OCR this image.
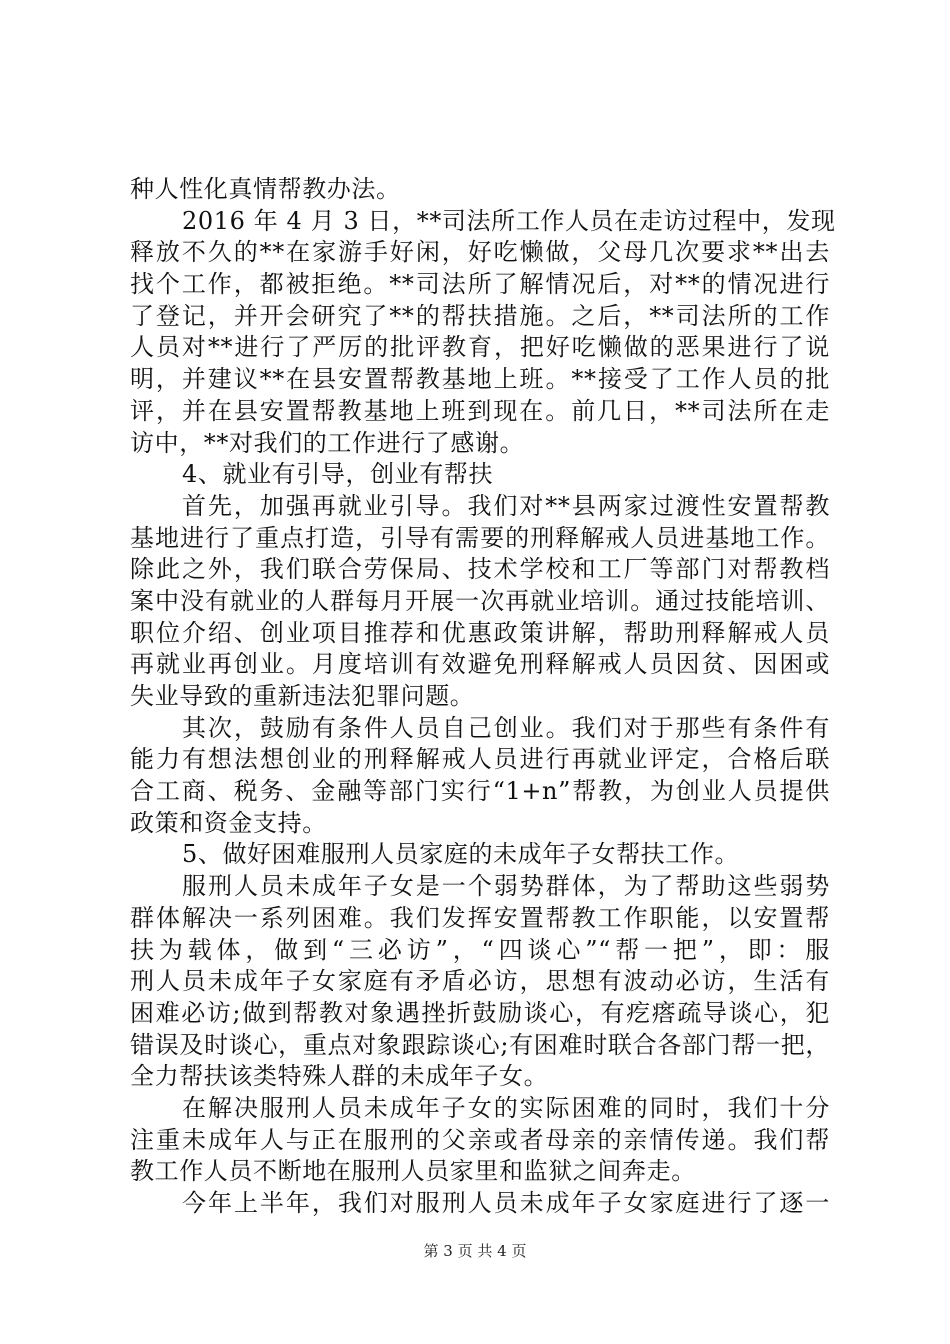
种人性化真情帮教办法。
2016 年 4 月 3 日，**司法所工作人员在走访过程中，发现
释放不久的**在家游手好闲，好吃懒做，父母几次要求**出去
找个工作，都被拒绝。**司法所了解情况后，对**的情况进行
了登记，并开会研究了**的帮扶措施。之后，**司法所的工作
人员对**进行了严厉的批评教育，把好吃懒做的恶果进行了说
明，并建议**在县安置帮教基地上班。**接受了工作人员的批
评，并在县安置帮教基地上班到现在。前几日，**司法所在走
访中，**对我们的工作进行了感谢。
4、就业有引导，创业有帮扶
首先，加强再就业引导。我们对**县两家过渡性安置帮教
基地进行了重点打造，引导有需要的刑释解戒人员进基地工作。
除此之外，我们联合劳保局、技术学校和工厂等部门对帮教档
案中没有就业的人群每月开展一次再就业培训。通过技能培训、
职位介绍、创业项目推荐和优惠政策讲解，帮助刑释解戒人员
再就业再创业。月度培训有效避免刑释解戒人员因贫、因困或
失业导致的重新违法犯罪问题。
其次，鼓励有条件人员自己创业。我们对于那些有条件有
能力有想法想创业的刑释解戒人员进行再就业评定，合格后联
合工商、税务、金融等部门实行“1+n”帮教，为创业人员提供
政策和资金支持。
5、做好困难服刑人员家庭的未成年子女帮扶工作。
服刑人员未成年子女是一个弱势群体，为了帮助这些弱势
群体解决一系列困难。我们发挥安置帮教工作职能，以安置帮
扶为载体，做到“三必访”，“四谈心”“帮一把”，即：服
刑人员未成年子女家庭有矛盾必访，思想有波动必访，生活有
困难必访;做到帮教对象遇挫折鼓励谈心，有疙瘩疏导谈心，犯
错误及时谈心，重点对象跟踪谈心;有困难时联合各部门帮一把，
全力帮扶该类特殊人群的未成年子女。
在解决服刑人员未成年子女的实际困难的同时，我们十分
注重未成年人与正在服刑的父亲或者母亲的亲情传递。我们帮
教工作人员不断地在服刑人员家里和监狱之间奔走。
今年上半年，我们对服刑人员未成年子女家庭进行了逐一
第 3 页 共 4 页
